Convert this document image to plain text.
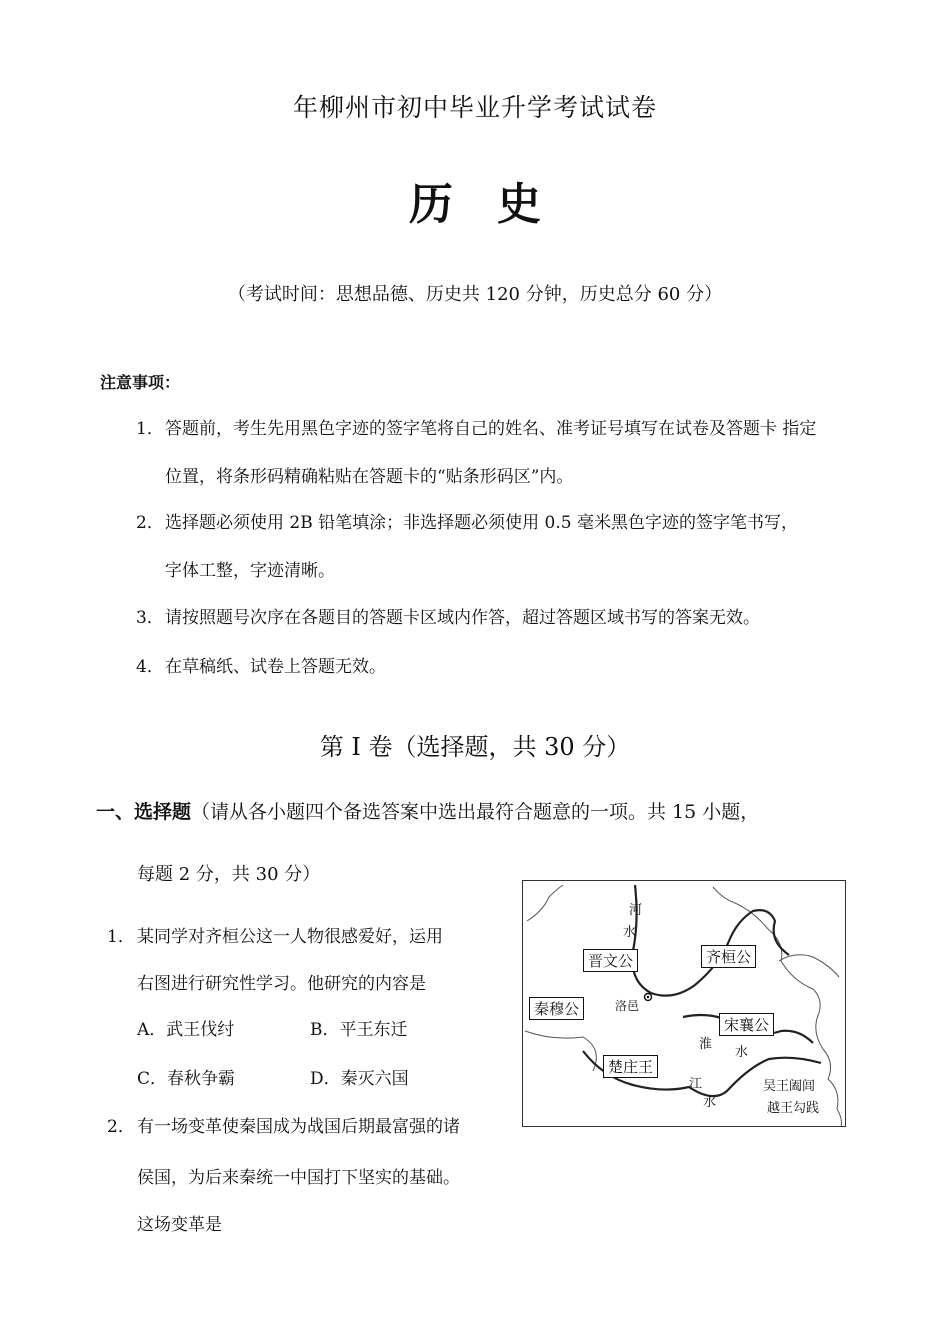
年柳州市初中毕业升学考试试卷
历史
（考试时间：思想品德、历史共 120 分钟，历史总分 60 分）
注意事项：
1． 答题前，考生先用黑色字迹的签字笔将自己的姓名、准考证号填写在试卷及答题卡 指定
位置，将条形码精确粘贴在答题卡的“贴条形码区”内。
2． 选择题必须使用 2B 铅笔填涂；非选择题必须使用 0.5 毫米黑色字迹的签字笔书写，
字体工整，字迹清晰。
3． 请按照题号次序在各题目的答题卡区域内作答，超过答题区域书写的答案无效。
4． 在草稿纸、试卷上答题无效。
第 Ⅰ 卷（选择题，共 30 分）
一、选择题（请从各小题四个备选答案中选出最符合题意的一项。共 15 小题，
每题 2 分，共 30 分）
1． 某同学对齐桓公这一人物很感爱好，运用
右图进行研究性学习。他研究的内容是
A．武王伐纣	B．平王东迁
C．春秋争霸	D．秦灭六国
2． 有一场变革使秦国成为战国后期最富强的诸
侯国，为后来秦统一中国打下坚实的基础。
这场变革是
晋文公	齐桓公
秦穆公
宋襄公
楚庄王
河
水
洛邑
淮
水
江
水
吴王阖闾
越王勾践
